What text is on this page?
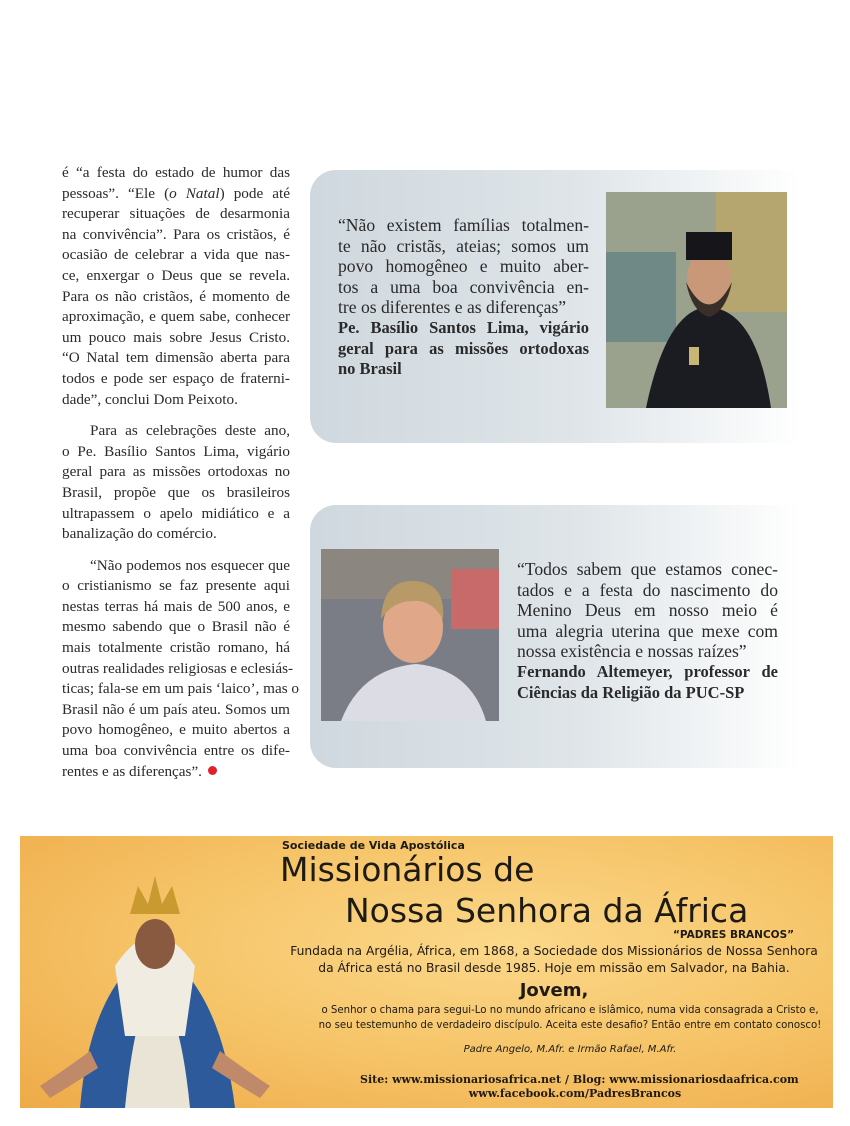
é “a festa do estado de humor das
pessoas”. “Ele (o Natal) pode até
recuperar situações de desarmonia
na convivência”. Para os cristãos, é
ocasião de celebrar a vida que nas-
ce, enxergar o Deus que se revela.
Para os não cristãos, é momento de
aproximação, e quem sabe, conhecer
um pouco mais sobre Jesus Cristo.
“O Natal tem dimensão aberta para
todos e pode ser espaço de fraterni-
dade”, conclui Dom Peixoto.

Para as celebrações deste ano,
o Pe. Basílio Santos Lima, vigário
geral para as missões ortodoxas no
Brasil, propõe que os brasileiros
ultrapassem o apelo midiático e a
banalização do comércio.

“Não podemos nos esquecer que
o cristianismo se faz presente aqui
nestas terras há mais de 500 anos, e
mesmo sabendo que o Brasil não é
mais totalmente cristão romano, há
outras realidades religiosas e eclesiás-
ticas; fala-se em um pais ‘laico’, mas o
Brasil não é um país ateu. Somos um
povo homogêneo, e muito abertos a
uma boa convivência entre os dife-
rentes e as diferenças”.

“Não existem famílias totalmen-
te não cristãs, ateias; somos um
povo homogêneo e muito aber-
tos a uma boa convivência en-
tre os diferentes e as diferenças”
Pe. Basílio Santos Lima, vigário
geral para as missões ortodoxas
no Brasil
“Todos sabem que estamos conec-
tados e a festa do nascimento do
Menino Deus em nosso meio é
uma alegria uterina que mexe com
nossa existência e nossas raízes”
Fernando Altemeyer, professor de
Ciências da Religião da PUC-SP
Sociedade de Vida Apostólica
Missionários de
Nossa Senhora da África
“PADRES BRANCOS”
Fundada na Argélia, África, em 1868, a Sociedade dos Missionários de Nossa Senhora
da África está no Brasil desde 1985. Hoje em missão em Salvador, na Bahia.
Jovem,
o Senhor o chama para segui-Lo no mundo africano e islâmico, numa vida consagrada a Cristo e,
no seu testemunho de verdadeiro discípulo. Aceita este desafio? Então entre em contato conosco!
Padre Angelo, M.Afr. e Irmão Rafael, M.Afr.
Site: www.missionariosafrica.net / Blog: www.missionariosdaafrica.com
www.facebook.com/PadresBrancos
